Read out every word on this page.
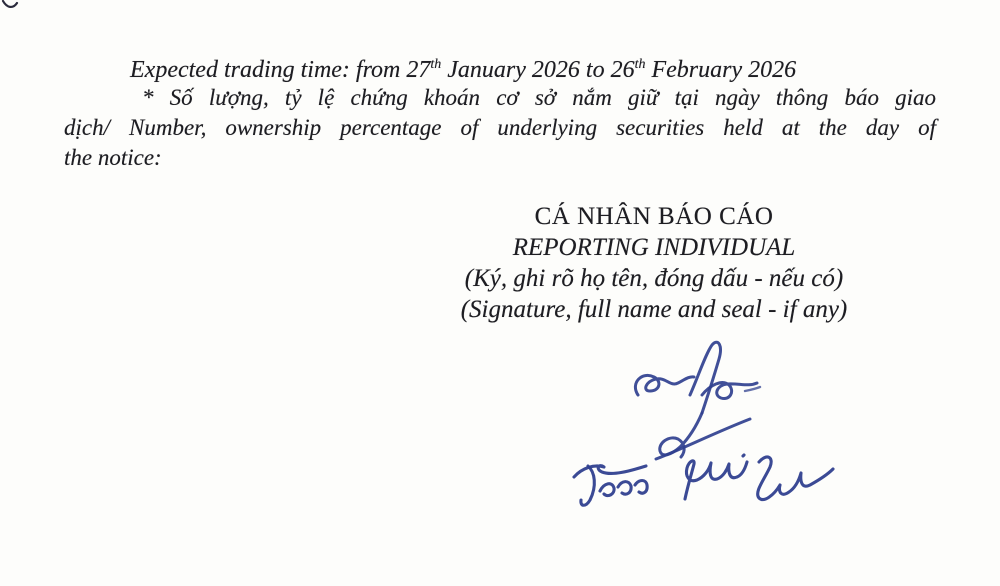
Expected trading time: from 27th January 2026 to 26th February 2026

* Số lượng, tỷ lệ chứng khoán cơ sở nắm giữ tại ngày thông báo giao
dịch/ Number, ownership percentage of underlying securities held at the day of
the notice:
CÁ NHÂN BÁO CÁO
REPORTING INDIVIDUAL
(Ký, ghi rõ họ tên, đóng dấu - nếu có)
(Signature, full name and seal - if any)
